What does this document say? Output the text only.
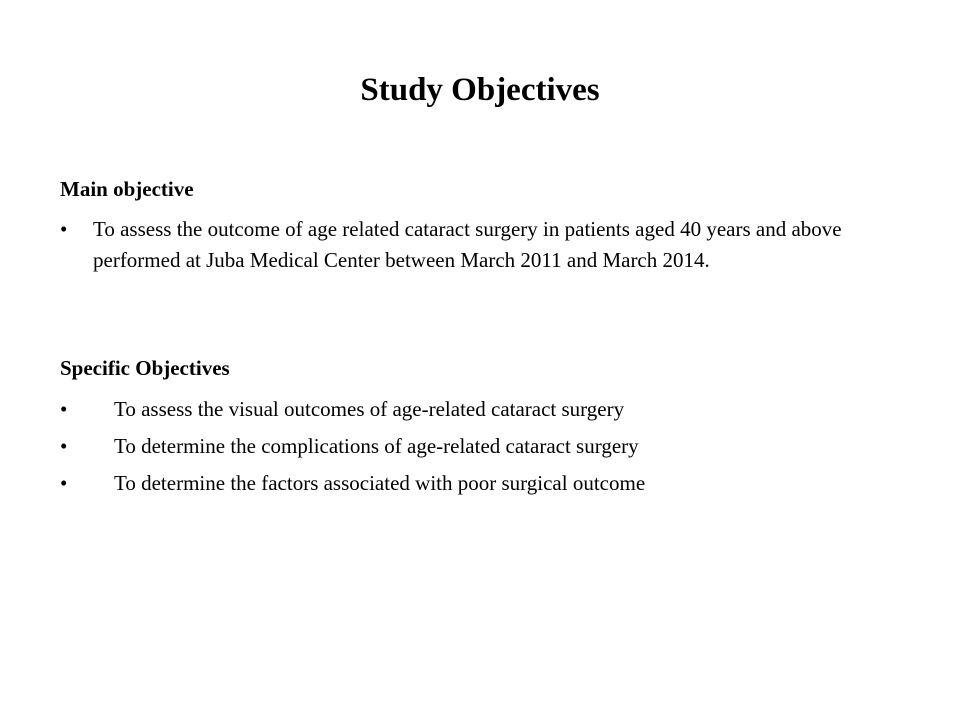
Study Objectives
Main objective
• To assess the outcome of age related cataract surgery in patients aged 40 years and above performed at Juba Medical Center between March 2011 and March 2014.
Specific Objectives
• To assess the visual outcomes of age-related cataract surgery
• To determine the complications of age-related cataract surgery
• To determine the factors associated with poor surgical outcome
